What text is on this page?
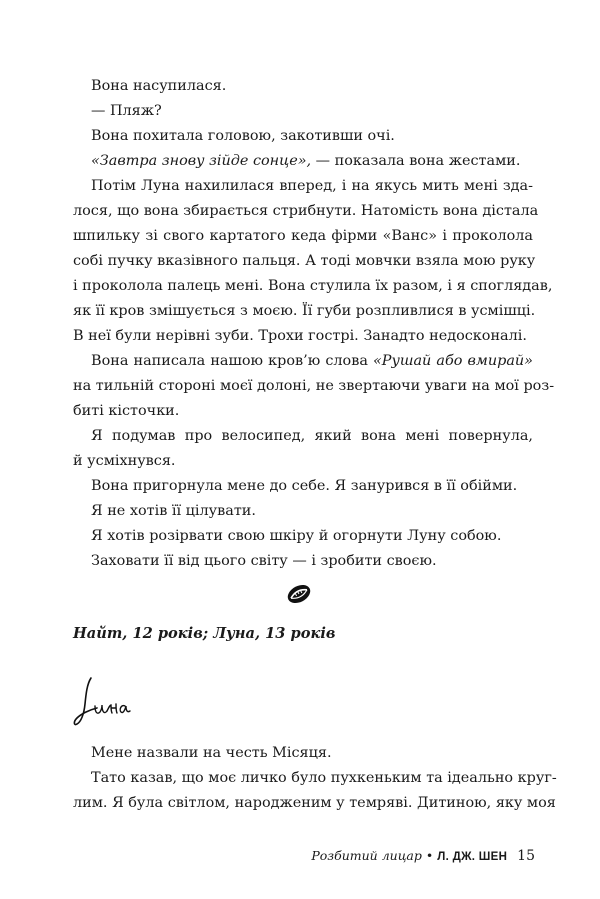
Вона насупилася.

— Пляж?

Вона похитала головою, закотивши очі.

«Завтра знову зійде сонце», — показала вона жестами.

Потім Луна нахилилася вперед, і на якусь мить мені зда-
лося, що вона збирається стрибнути. Натомість вона дістала
шпильку зі свого картатого кеда фірми «Ванс» і проколола
собі пучку вказівного пальця. А тоді мовчки взяла мою руку
і проколола палець мені. Вона стулила їх разом, і я споглядав,
як її кров змішується з моєю. Її губи розпливлися в усмішці.
В неї були нерівні зуби. Трохи гострі. Занадто недосконалі.
Вона написала нашою кров’ю слова «Рушай або вмирай»
на тильній стороні моєї долоні, не звертаючи уваги на мої роз-
биті кісточки.
Я подумав про велосипед, який вона мені повернула,
й усміхнувся.

Вона пригорнула мене до себе. Я занурився в її обійми.

Я не хотів її цілувати.

Я хотів розірвати свою шкіру й огорнути Луну собою.

Заховати її від цього світу — і зробити своєю.

Найт, 12 років; Луна, 13 років

Мене назвали на честь Місяця.

Тато казав, що моє личко було пухкеньким та ідеально круг-
лим. Я була світлом, народженим у темряві. Дитиною, яку моя
Розбитий лицар • Л. ДЖ. ШЕН 15
